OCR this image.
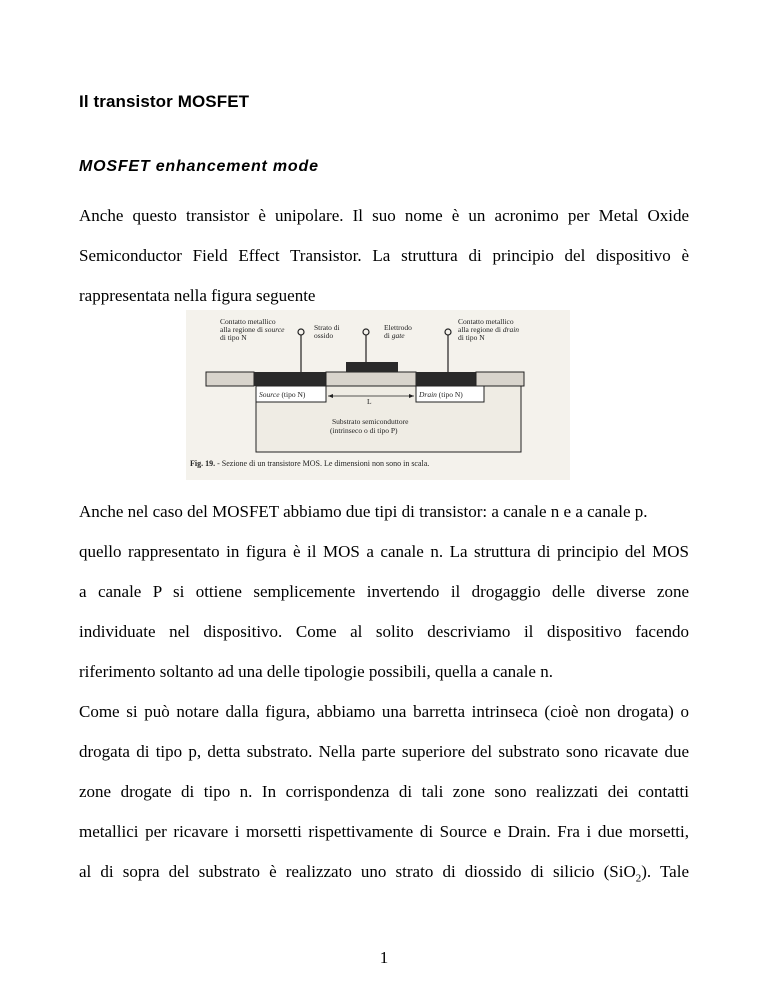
Il transistor MOSFET
MOSFET enhancement mode
Anche questo transistor è unipolare. Il suo nome è un acronimo per Metal Oxide
Semiconductor Field Effect Transistor. La struttura di principio del dispositivo è
rappresentata nella figura seguente
Contatto metallico
alla regione di source
di tipo N
Strato di
ossido
Elettrodo
di gate
Contatto metallico
alla regione di drain
di tipo N
Source (tipo N)
L
Drain (tipo N)
Substrato semiconduttore
(intrinseco o di tipo P)
Fig. 19. - Sezione di un transistore MOS. Le dimensioni non sono in scala.
Anche nel caso del MOSFET abbiamo due tipi di transistor: a canale n e a canale p.
quello rappresentato in figura è il MOS a canale n. La struttura di principio del MOS
a canale P si ottiene semplicemente invertendo il drogaggio delle diverse zone
individuate nel dispositivo. Come al solito descriviamo il dispositivo facendo
riferimento soltanto ad una delle tipologie possibili, quella a canale n.
Come si può notare dalla figura, abbiamo una barretta intrinseca (cioè non drogata) o
drogata di tipo p, detta substrato. Nella parte superiore del substrato sono ricavate due
zone drogate di tipo n. In corrispondenza di tali zone sono realizzati dei contatti
metallici per ricavare i morsetti rispettivamente di Source e Drain. Fra i due morsetti,
al di sopra del substrato è realizzato uno strato di diossido di silicio (SiO$_2$). Tale
1
